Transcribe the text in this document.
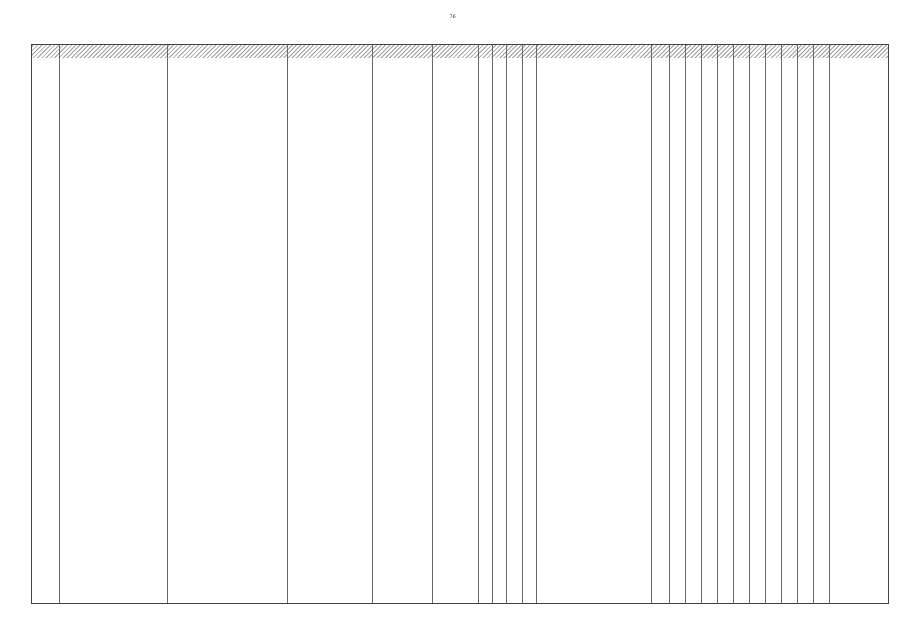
76
